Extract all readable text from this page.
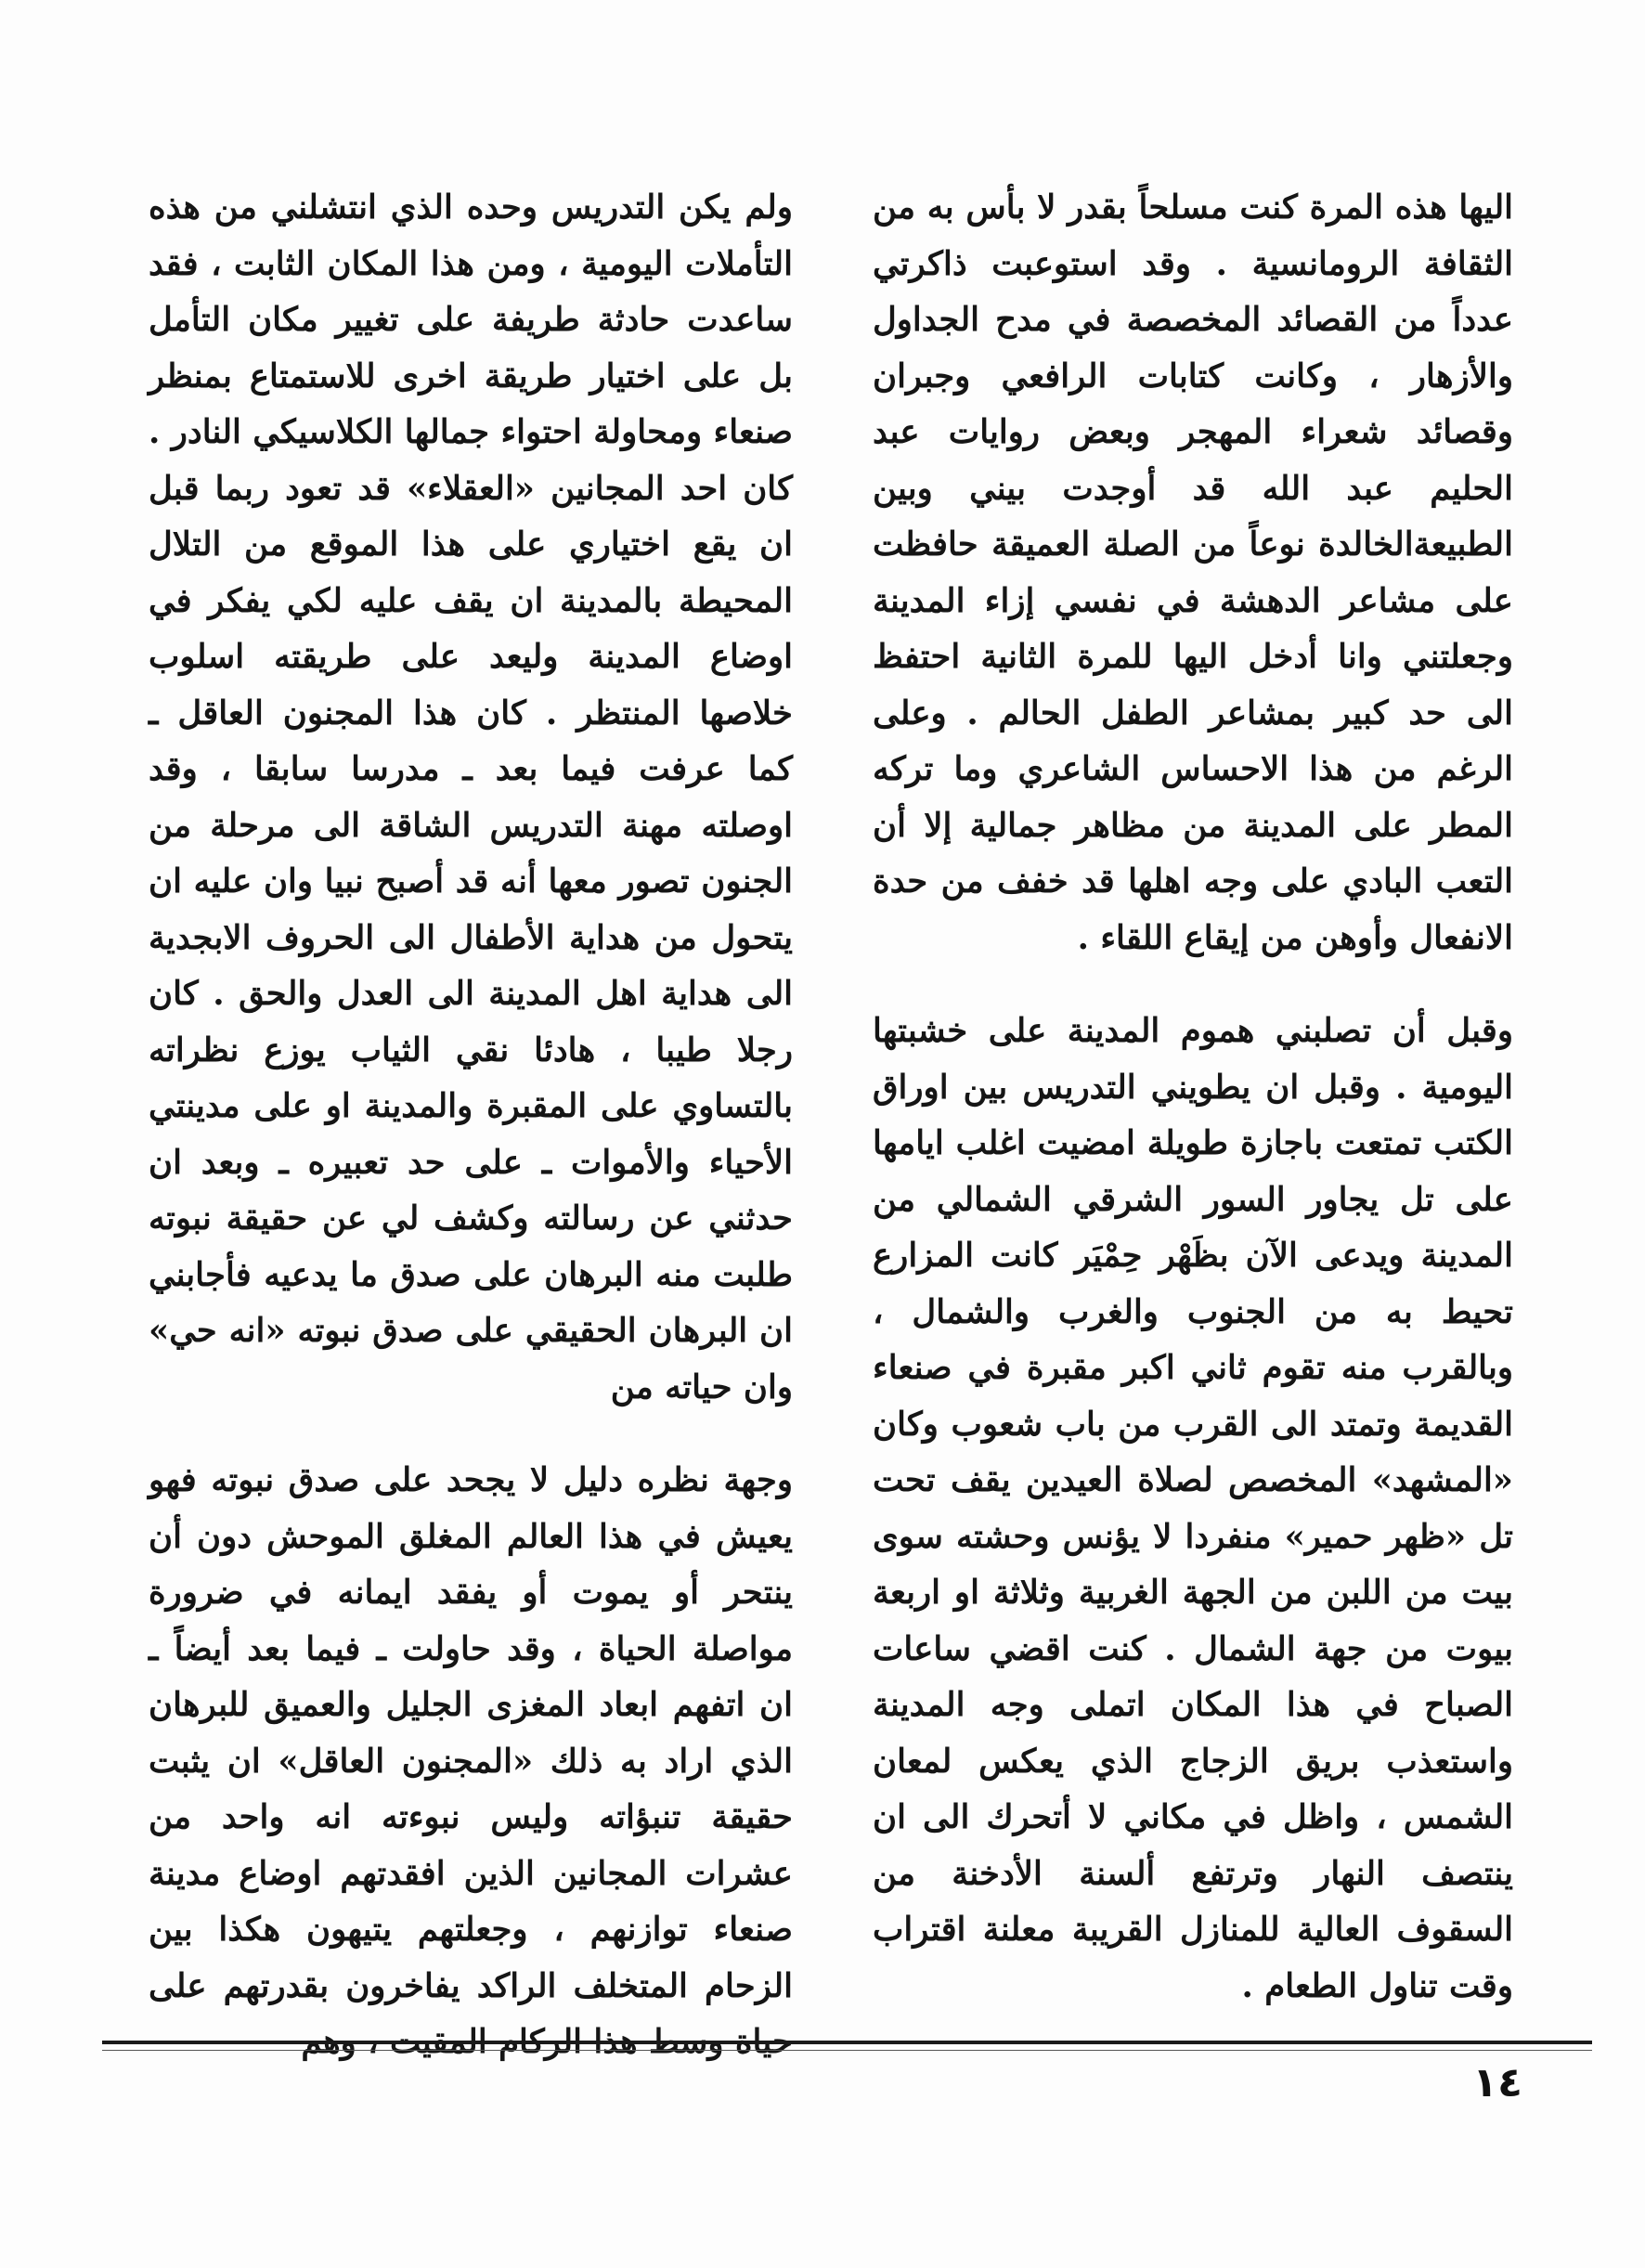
اليها هذه المرة كنت مسلحاً بقدر لا بأس به من الثقافة الرومانسية . وقد استوعبت ذاكرتي عدداً من القصائد المخصصة في مدح الجداول والأزهار ، وكانت كتابات الرافعي وجبران وقصائد شعراء المهجر وبعض روايات عبد الحليم عبد الله قد أوجدت بيني وبين الطبيعةالخالدة نوعاً من الصلة العميقة حافظت على مشاعر الدهشة في نفسي إزاء المدينة وجعلتني وانا أدخل اليها للمرة الثانية احتفظ الى حد كبير بمشاعر الطفل الحالم . وعلى الرغم من هذا الاحساس الشاعري وما تركه المطر على المدينة من مظاهر جمالية إلا أن التعب البادي على وجه اهلها قد خفف من حدة الانفعال وأوهن من إيقاع اللقاء .

وقبل أن تصلبني هموم المدينة على خشبتها اليومية . وقبل ان يطويني التدريس بين اوراق الكتب تمتعت باجازة طويلة امضيت اغلب ايامها على تل يجاور السور الشرقي الشمالي من المدينة ويدعى الآن بظَهْر حِمْيَر كانت المزارع تحيط به من الجنوب والغرب والشمال ، وبالقرب منه تقوم ثاني اكبر مقبرة في صنعاء القديمة وتمتد الى القرب من باب شعوب وكان «المشهد» المخصص لصلاة العيدين يقف تحت تل «ظهر حمير» منفردا لا يؤنس وحشته سوى بيت من اللبن من الجهة الغربية وثلاثة او اربعة بيوت من جهة الشمال . كنت اقضي ساعات الصباح في هذا المكان اتملى وجه المدينة واستعذب بريق الزجاج الذي يعكس لمعان الشمس ، واظل في مكاني لا أتحرك الى ان ينتصف النهار وترتفع ألسنة الأدخنة من السقوف العالية للمنازل القريبة معلنة اقتراب وقت تناول الطعام .

ولم يكن التدريس وحده الذي انتشلني من هذه التأملات اليومية ، ومن هذا المكان الثابت ، فقد ساعدت حادثة طريفة على تغيير مكان التأمل بل على اختيار طريقة اخرى للاستمتاع بمنظر صنعاء ومحاولة احتواء جمالها الكلاسيكي النادر . كان احد المجانين «العقلاء» قد تعود ربما قبل ان يقع اختياري على هذا الموقع من التلال المحيطة بالمدينة ان يقف عليه لكي يفكر في اوضاع المدينة وليعد على طريقته اسلوب خلاصها المنتظر . كان هذا المجنون العاقل ـ كما عرفت فيما بعد ـ مدرسا سابقا ، وقد اوصلته مهنة التدريس الشاقة الى مرحلة من الجنون تصور معها أنه قد أصبح نبيا وان عليه ان يتحول من هداية الأطفال الى الحروف الابجدية الى هداية اهل المدينة الى العدل والحق . كان رجلا طيبا ، هادئا نقي الثياب يوزع نظراته بالتساوي على المقبرة والمدينة او على مدينتي الأحياء والأموات ـ على حد تعبيره ـ وبعد ان حدثني عن رسالته وكشف لي عن حقيقة نبوته طلبت منه البرهان على صدق ما يدعيه فأجابني ان البرهان الحقيقي على صدق نبوته «انه حي» وان حياته من

وجهة نظره دليل لا يجحد على صدق نبوته فهو يعيش في هذا العالم المغلق الموحش دون أن ينتحر أو يموت أو يفقد ايمانه في ضرورة مواصلة الحياة ، وقد حاولت ـ فيما بعد أيضاً ـ ان اتفهم ابعاد المغزى الجليل والعميق للبرهان الذي اراد به ذلك «المجنون العاقل» ان يثبت حقيقة تنبؤاته وليس نبوءته انه واحد من عشرات المجانين الذين افقدتهم اوضاع مدينة صنعاء توازنهم ، وجعلتهم يتيهون هكذا بين الزحام المتخلف الراكد يفاخرون بقدرتهم على حياة وسط هذا الركام المقيت ، وهم

١٤
